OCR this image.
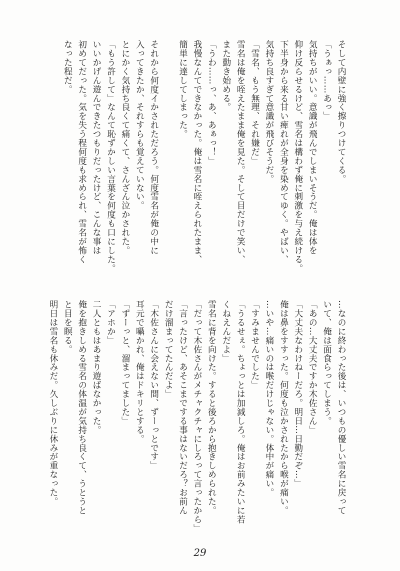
そして内壁に強く擦りつけてくる。
「うぁっ……あっ」
気持ちがいい。意識が飛んでしまいそうだ。俺は体を
仰け反らせるけど、雪名は構わず俺に刺激を与え続ける。
下半身から来る甘い痺れが全身を染めてゆく。やばい、
気持ち良すぎて意識が飛びそうだ。
「雪名、もう無理、それ嫌だ」
雪名は俺を咥えたまま俺を見た。そして目だけで笑い、
また動き始める。
「うわ……っ、あ、あぁっ！」
我慢なんてできなかった。俺は雪名に咥えられたまま、
簡単に達してしまった。

それから何度イかされただろう。何度雪名が俺の中に
入ってきたか、それすらも覚えていない。
とにかく気持ち良くて痛くて、さんざん泣かされた。
「もう許して」なんて恥ずかしい言葉を何度も口にした。
いいかげん遊んできたつもりだったけど、こんな事は
初めてだった。気を失う程何度も求められ、雪名が怖く
なった程だ。
…なのに終わった後は、いつもの優しい雪名に戻って
いて、俺は面食らってしまう。
「あの…大丈夫ですか木佐さん」
「大丈夫なわけねーだろ。明日…日勤だぞ…」
俺は鼻をすすった。何度も泣かされたから喉が痛い。
…いや…痛いのは喉だけじゃない。体中が痛い。
「すみませんでした」
「うるせぇ。ちょっとは加減しろ。俺はお前みたいに若
くねえんだよ」
雪名に背を向けた。すると後ろから抱きしめられた。
「だって木佐さんがメチャクチャにしろって言ったから」
「言ったけど、あそこまでする事はないだろ？お前ん
だけ溜まってたんだよ」
「木佐さんに会えない間、ずーっとです」
耳元で囁かれ、俺はドキリとする。
「ずーっと、溜まってました」
「アホか」
二人ともはあまり遊ばなかった。
俺を抱きしめる雪名の体温が気持ち良くて、うとうと
と目を瞑る。
明日は雪名も休みだ。久しぶりに休みが重なった。
29
